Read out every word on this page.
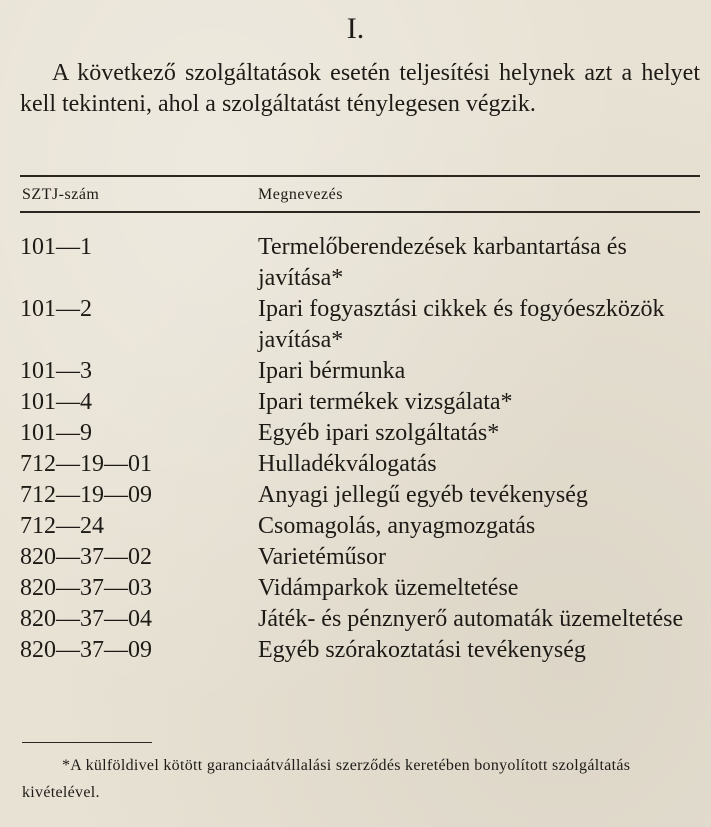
I.
A következő szolgáltatások esetén teljesítési helynek azt a helyet kell tekinteni, ahol a szolgáltatást ténylegesen végzik.
SZTJ-szám	Megnevezés
101—1	Termelőberendezések karbantartása és javítása*
101—2	Ipari fogyasztási cikkek és fogyóeszközök javítása*
101—3	Ipari bérmunka
101—4	Ipari termékek vizsgálata*
101—9	Egyéb ipari szolgáltatás*
712—19—01	Hulladékválogatás
712—19—09	Anyagi jellegű egyéb tevékenység
712—24	Csomagolás, anyagmozgatás
820—37—02	Varietéműsor
820—37—03	Vidámparkok üzemeltetése
820—37—04	Játék- és pénznyerő automaták üzemeltetése
820—37—09	Egyéb szórakoztatási tevékenység
*A külföldivel kötött garanciaátvállalási szerződés keretében bonyolított szolgáltatás kivételével.
